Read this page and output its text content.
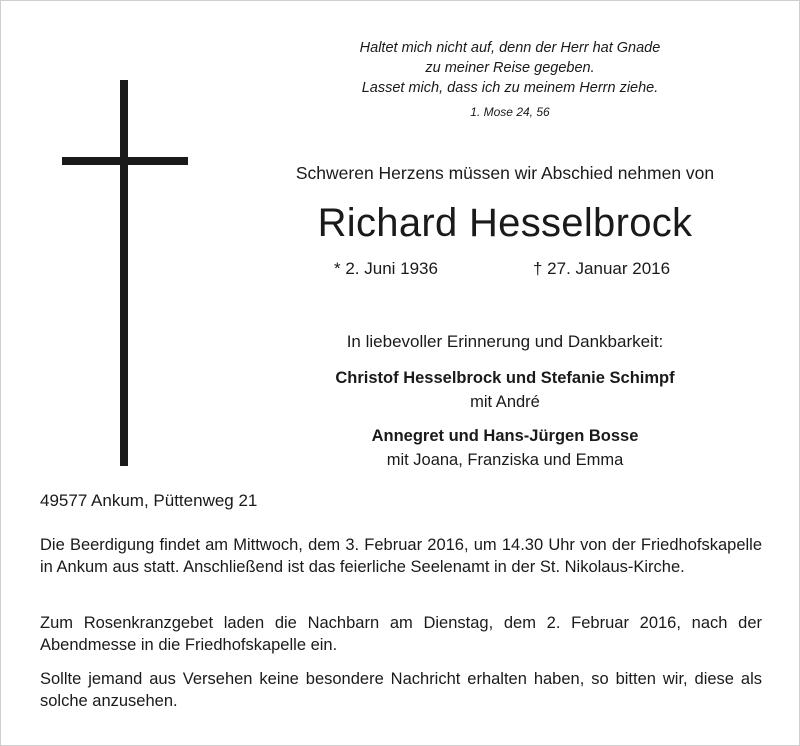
Haltet mich nicht auf, denn der Herr hat Gnade
zu meiner Reise gegeben.
Lasset mich, dass ich zu meinem Herrn ziehe.
1. Mose 24, 56
Schweren Herzens müssen wir Abschied nehmen von
Richard Hesselbrock
* 2. Juni 1936	† 27. Januar 2016
In liebevoller Erinnerung und Dankbarkeit:
Christof Hesselbrock und Stefanie Schimpf
mit André
Annegret und Hans-Jürgen Bosse
mit Joana, Franziska und Emma
49577 Ankum, Püttenweg 21
Die Beerdigung findet am Mittwoch, dem 3. Februar 2016, um 14.30 Uhr von der Friedhofskapelle in Ankum aus statt. Anschließend ist das feierliche Seelenamt in der St. Nikolaus-Kirche.
Zum Rosenkranzgebet laden die Nachbarn am Dienstag, dem 2. Februar 2016, nach der Abendmesse in die Friedhofskapelle ein.
Sollte jemand aus Versehen keine besondere Nachricht erhalten haben, so bitten wir, diese als solche anzusehen.
